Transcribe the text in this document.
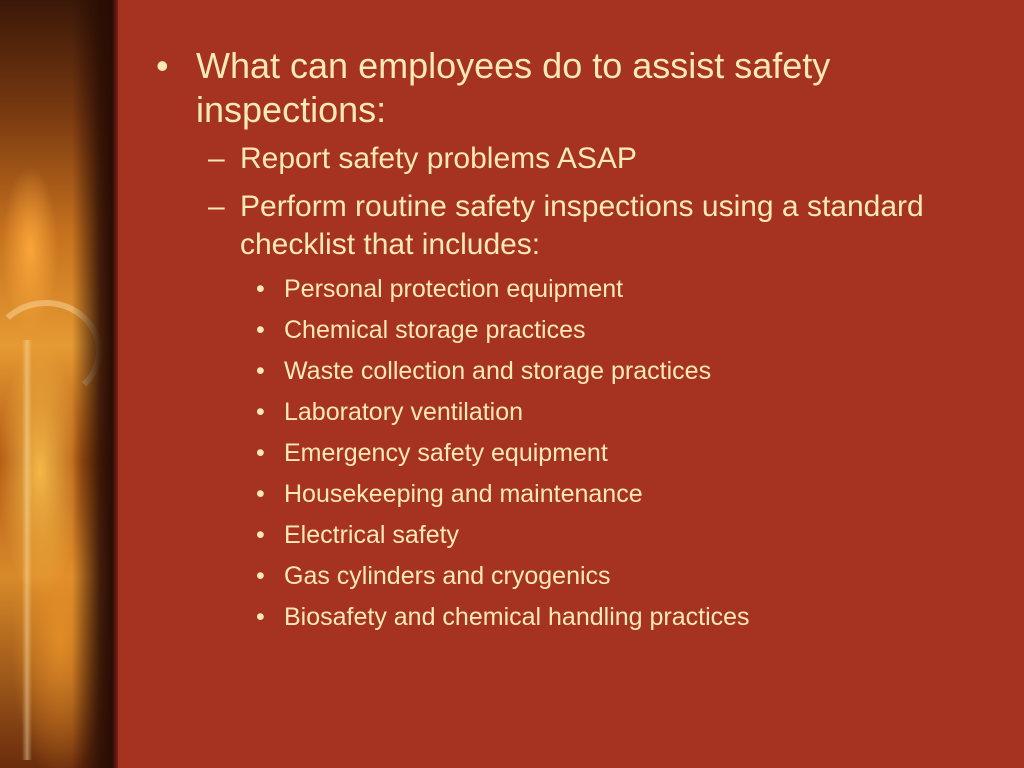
• What can employees do to assist safety inspections:
– Report safety problems ASAP
– Perform routine safety inspections using a standard checklist that includes:
• Personal protection equipment
• Chemical storage practices
• Waste collection and storage practices
• Laboratory ventilation
• Emergency safety equipment
• Housekeeping and maintenance
• Electrical safety
• Gas cylinders and cryogenics
• Biosafety and chemical handling practices
